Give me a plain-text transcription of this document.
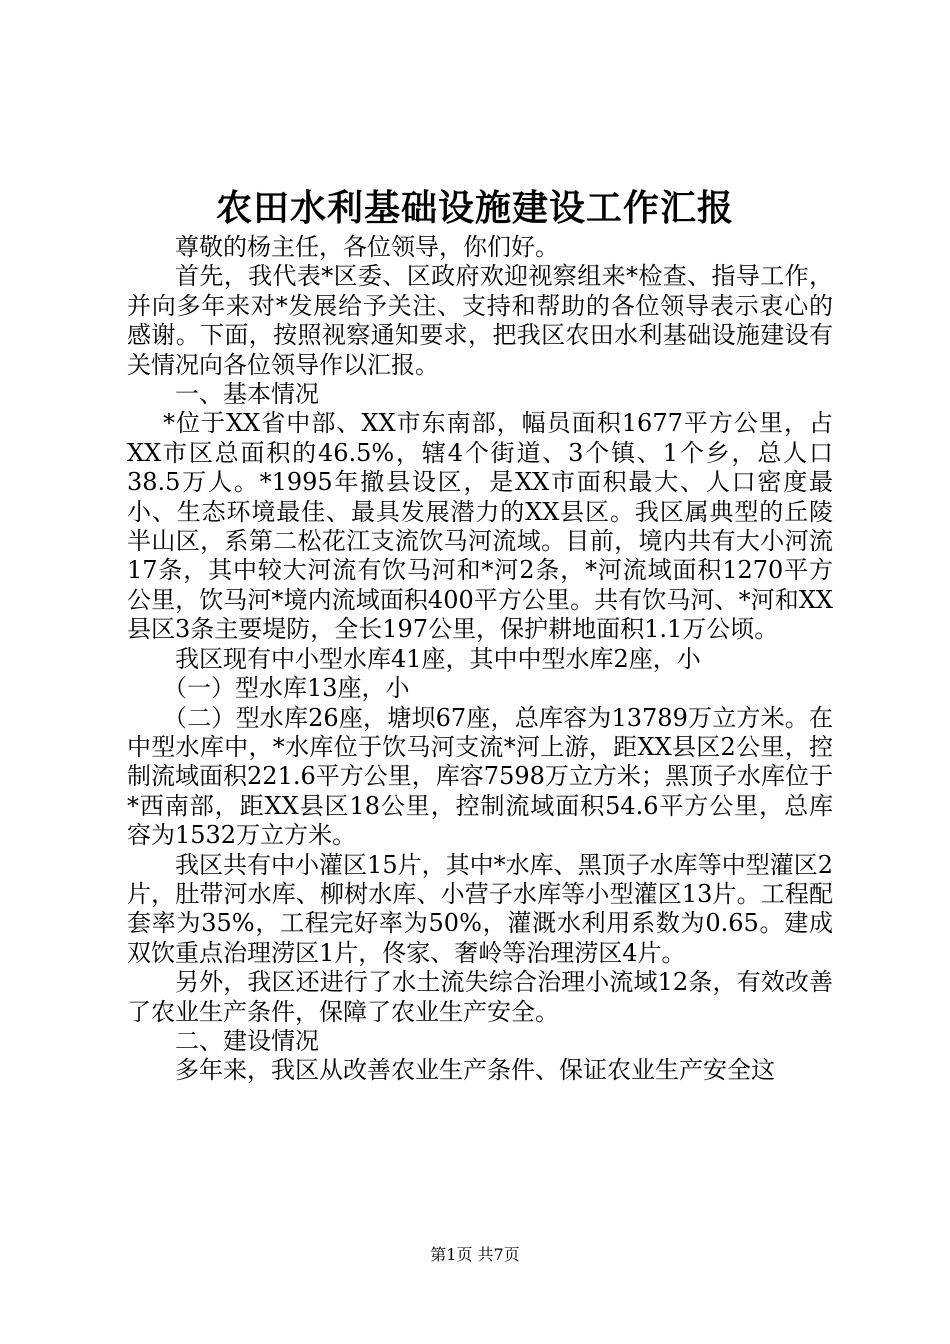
农田水利基础设施建设工作汇报

尊敬的杨主任，各位领导，你们好。

首先，我代表*区委、区政府欢迎视察组来*检查、指导工作，并向多年来对*发展给予关注、支持和帮助的各位领导表示衷心的感谢。下面，按照视察通知要求，把我区农田水利基础设施建设有关情况向各位领导作以汇报。

一、基本情况

*位于XX省中部、XX市东南部，幅员面积1677平方公里，占XX市区总面积的46.5%，辖4个街道、3个镇、1个乡，总人口38.5万人。*1995年撤县设区，是XX市面积最大、人口密度最小、生态环境最佳、最具发展潜力的XX县区。我区属典型的丘陵半山区，系第二松花江支流饮马河流域。目前，境内共有大小河流17条，其中较大河流有饮马河和*河2条，*河流域面积1270平方公里，饮马河*境内流域面积400平方公里。共有饮马河、*河和XX县区3条主要堤防，全长197公里，保护耕地面积1.1万公顷。

我区现有中小型水库41座，其中中型水库2座，小

（一）型水库13座，小

（二）型水库26座，塘坝67座，总库容为13789万立方米。在中型水库中，*水库位于饮马河支流*河上游，距XX县区2公里，控制流域面积221.6平方公里，库容7598万立方米；黑顶子水库位于*西南部，距XX县区18公里，控制流域面积54.6平方公里，总库容为1532万立方米。

我区共有中小灌区15片，其中*水库、黑顶子水库等中型灌区2片，肚带河水库、柳树水库、小营子水库等小型灌区13片。工程配套率为35%，工程完好率为50%，灌溉水利用系数为0.65。建成双饮重点治理涝区1片，佟家、奢岭等治理涝区4片。

另外，我区还进行了水土流失综合治理小流域12条，有效改善了农业生产条件，保障了农业生产安全。

二、建设情况

多年来，我区从改善农业生产条件、保证农业生产安全这

第1页 共7页
